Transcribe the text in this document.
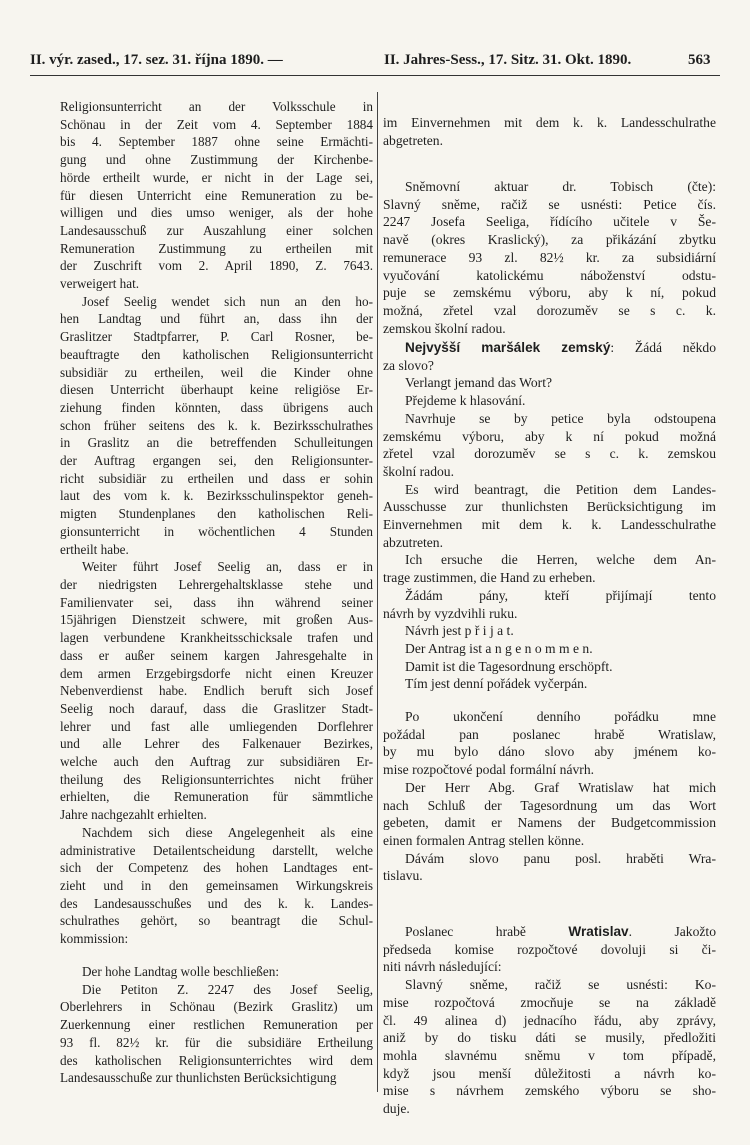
II. výr. zased., 17. sez. 31. října 1890. —	II. Jahres-Sess., 17. Sitz. 31. Okt. 1890.	563
Religionsunterricht an der Volksschule in
Schönau in der Zeit vom 4. September 1884
bis 4. September 1887 ohne seine Ermächti-
gung und ohne Zustimmung der Kirchenbe-
hörde ertheilt wurde, er nicht in der Lage sei,
für diesen Unterricht eine Remuneration zu be-
willigen und dies umso weniger, als der hohe
Landesausschuß zur Auszahlung einer solchen
Remuneration Zustimmung zu ertheilen mit
der Zuschrift vom 2. April 1890, Z. 7643.
verweigert hat.
Josef Seelig wendet sich nun an den ho-
hen Landtag und führt an, dass ihn der
Graslitzer Stadtpfarrer, P. Carl Rosner, be-
beauftragte den katholischen Religionsunterricht
subsidiär zu ertheilen, weil die Kinder ohne
diesen Unterricht überhaupt keine religiöse Er-
ziehung finden könnten, dass übrigens auch
schon früher seitens des k. k. Bezirksschulrathes
in Graslitz an die betreffenden Schulleitungen
der Auftrag ergangen sei, den Religionsunter-
richt subsidiär zu ertheilen und dass er sohin
laut des vom k. k. Bezirksschulinspektor geneh-
migten Stundenplanes den katholischen Reli-
gionsunterricht in wöchentlichen 4 Stunden
ertheilt habe.
Weiter führt Josef Seelig an, dass er in
der niedrigsten Lehrergehaltsklasse stehe und
Familienvater sei, dass ihn während seiner
15jährigen Dienstzeit schwere, mit großen Aus-
lagen verbundene Krankheitsschicksale trafen und
dass er außer seinem kargen Jahresgehalte in
dem armen Erzgebirgsdorfe nicht einen Kreuzer
Nebenverdienst habe. Endlich beruft sich Josef
Seelig noch darauf, dass die Graslitzer Stadt-
lehrer und fast alle umliegenden Dorflehrer
und alle Lehrer des Falkenauer Bezirkes,
welche auch den Auftrag zur subsidiären Er-
theilung des Religionsunterrichtes nicht früher
erhielten, die Remuneration für sämmtliche
Jahre nachgezahlt erhielten.
Nachdem sich diese Angelegenheit als eine
administrative Detailentscheidung darstellt, welche
sich der Competenz des hohen Landtages ent-
zieht und in den gemeinsamen Wirkungskreis
des Landesausschußes und des k. k. Landes-
schulrathes gehört, so beantragt die Schul-
kommission:
Der hohe Landtag wolle beschließen:
Die Petiton Z. 2247 des Josef Seelig,
Oberlehrers in Schönau (Bezirk Graslitz) um
Zuerkennung einer restlichen Remuneration per
93 fl. 82½ kr. für die subsidiäre Ertheilung
des katholischen Religionsunterrichtes wird dem
Landesausschuße zur thunlichsten Berücksichtigung
im Einvernehmen mit dem k. k. Landesschulrathe
abgetreten.
Sněmovní aktuar dr. Tobisch (čte):
Slavný sněme, račiž se usnésti: Petice čís.
2247 Josefa Seeliga, řídícího učitele v Še-
navě (okres Kraslický), za přikázání zbytku
remunerace 93 zl. 82½ kr. za subsidiární
vyučování katolickému náboženství odstu-
puje se zemskému výboru, aby k ní, pokud
možná, zřetel vzal dorozuměv se s c. k.
zemskou školní radou.
Nejvyšší maršálek zemský: Žádá někdo
za slovo?
Verlangt jemand das Wort?
Přejdeme k hlasování.
Navrhuje se by petice byla odstoupena
zemskému výboru, aby k ní pokud možná
zřetel vzal dorozuměv se s c. k. zemskou
školní radou.
Es wird beantragt, die Petition dem Landes-
Ausschusse zur thunlichsten Berücksichtigung im
Einvernehmen mit dem k. k. Landesschulrathe
abzutreten.
Ich ersuche die Herren, welche dem An-
trage zustimmen, die Hand zu erheben.
Žádám pány, kteří přijímají tento
návrh by vyzdvihli ruku.
Návrh jest p ř i j a t.
Der Antrag ist a n g e n o m m e n.
Damit ist die Tagesordnung erschöpft.
Tím jest denní pořádek vyčerpán.
Po ukončení denního pořádku mne
požádal pan poslanec hrabě Wratislaw,
by mu bylo dáno slovo aby jménem ko-
mise rozpočtové podal formální návrh.
Der Herr Abg. Graf Wratislaw hat mich
nach Schluß der Tagesordnung um das Wort
gebeten, damit er Namens der Budgetcommission
einen formalen Antrag stellen könne.
Dávám slovo panu posl. hraběti Wra-
tislavu.
Poslanec hrabě Wratislav. Jakožto
předseda komise rozpočtové dovoluji si či-
niti návrh následující:
Slavný sněme, račiž se usnésti: Ko-
mise rozpočtová zmocňuje se na základě
čl. 49 alinea d) jednacího řádu, aby zprávy,
aniž by do tisku dáti se musily, předložiti
mohla slavnému sněmu v tom případě,
když jsou menší důležitosti a návrh ko-
mise s návrhem zemského výboru se sho-
duje.
